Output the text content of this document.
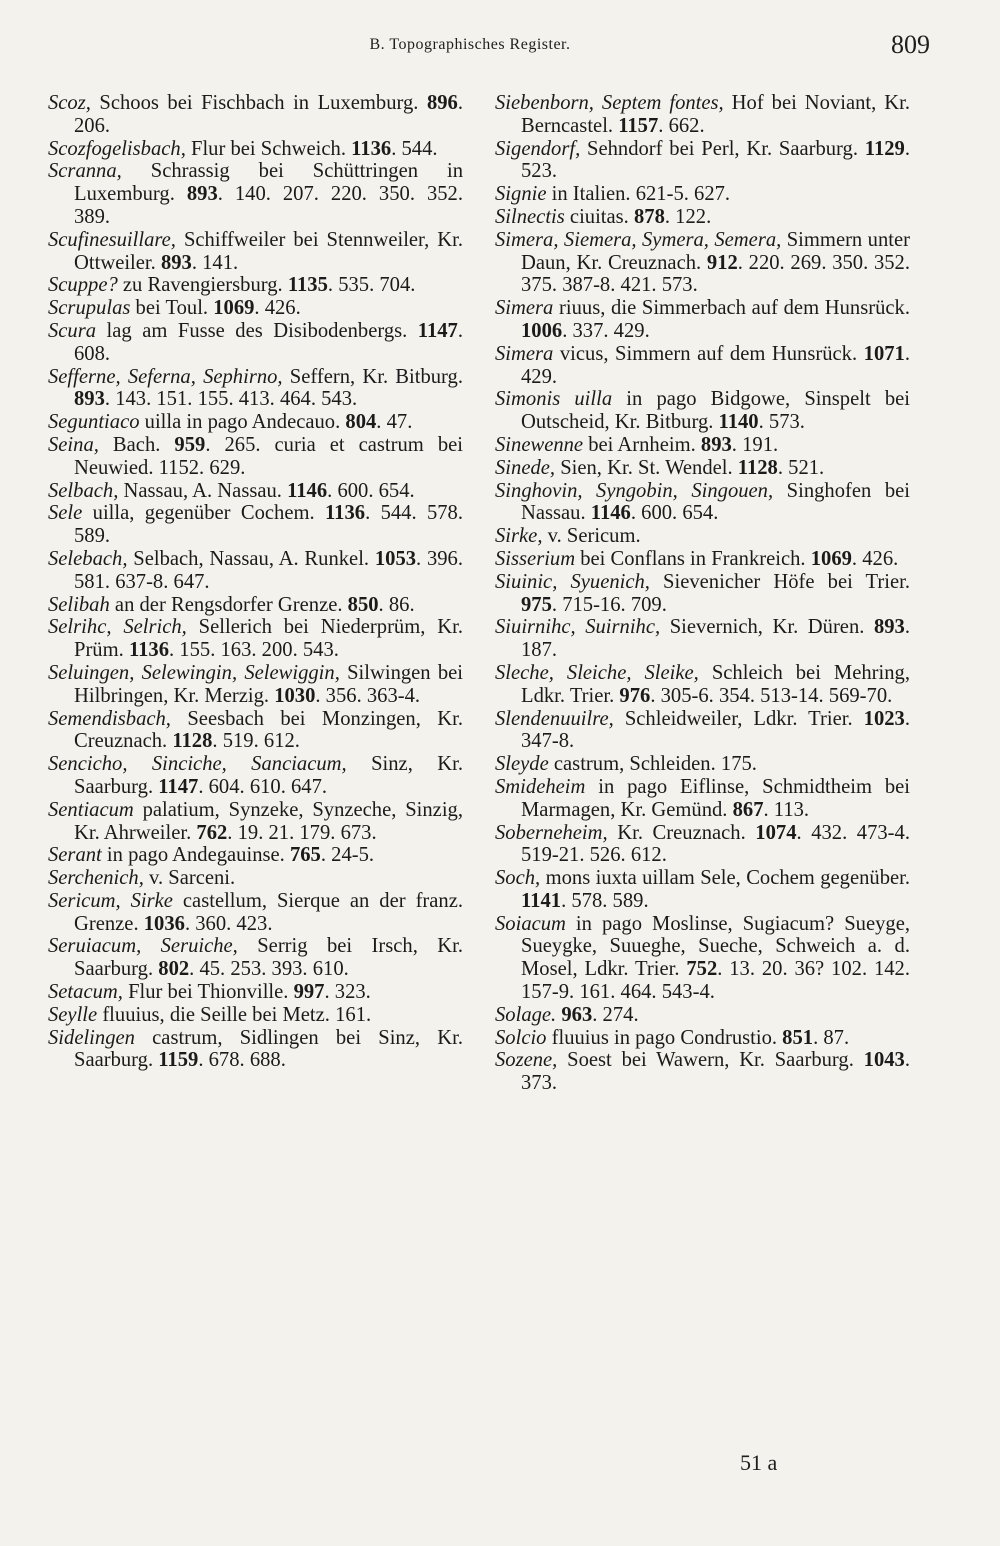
B. Topographisches Register.	809

Scoz, Schoos bei Fischbach in Luxemburg. 896. 206.

Scozfogelisbach, Flur bei Schweich. 1136. 544.

Scranna, Schrassig bei Schüttringen in Luxemburg. 893. 140. 207. 220. 350. 352. 389.

Scufinesuillare, Schiffweiler bei Stennweiler, Kr. Ottweiler. 893. 141.

Scuppe? zu Ravengiersburg. 1135. 535. 704.

Scrupulas bei Toul. 1069. 426.

Scura lag am Fusse des Disibodenbergs. 1147. 608.

Sefferne, Seferna, Sephirno, Seffern, Kr. Bitburg. 893. 143. 151. 155. 413. 464. 543.

Seguntiaco uilla in pago Andecauo. 804. 47.

Seina, Bach. 959. 265. curia et castrum bei Neuwied. 1152. 629.

Selbach, Nassau, A. Nassau. 1146. 600. 654.

Sele uilla, gegenüber Cochem. 1136. 544. 578. 589.

Selebach, Selbach, Nassau, A. Runkel. 1053. 396. 581. 637-8. 647.

Selibah an der Rengsdorfer Grenze. 850. 86.

Selrihc, Selrich, Sellerich bei Niederprüm, Kr. Prüm. 1136. 155. 163. 200. 543.

Seluingen, Selewingin, Selewiggin, Silwingen bei Hilbringen, Kr. Merzig. 1030. 356. 363-4.

Semendisbach, Seesbach bei Monzingen, Kr. Creuznach. 1128. 519. 612.

Sencicho, Sinciche, Sanciacum, Sinz, Kr. Saarburg. 1147. 604. 610. 647.

Sentiacum palatium, Synzeke, Synzeche, Sinzig, Kr. Ahrweiler. 762. 19. 21. 179. 673.

Serant in pago Andegauinse. 765. 24-5.

Serchenich, v. Sarceni.

Sericum, Sirke castellum, Sierque an der franz. Grenze. 1036. 360. 423.

Seruiacum, Seruiche, Serrig bei Irsch, Kr. Saarburg. 802. 45. 253. 393. 610.

Setacum, Flur bei Thionville. 997. 323.

Seylle fluuius, die Seille bei Metz. 161.

Sidelingen castrum, Sidlingen bei Sinz, Kr. Saarburg. 1159. 678. 688.

Siebenborn, Septem fontes, Hof bei Noviant, Kr. Berncastel. 1157. 662.

Sigendorf, Sehndorf bei Perl, Kr. Saarburg. 1129. 523.

Signie in Italien. 621-5. 627.

Silnectis ciuitas. 878. 122.

Simera, Siemera, Symera, Semera, Simmern unter Daun, Kr. Creuznach. 912. 220. 269. 350. 352. 375. 387-8. 421. 573.

Simera riuus, die Simmerbach auf dem Hunsrück. 1006. 337. 429.

Simera vicus, Simmern auf dem Hunsrück. 1071. 429.

Simonis uilla in pago Bidgowe, Sinspelt bei Outscheid, Kr. Bitburg. 1140. 573.

Sinewenne bei Arnheim. 893. 191.

Sinede, Sien, Kr. St. Wendel. 1128. 521.

Singhovin, Syngobin, Singouen, Singhofen bei Nassau. 1146. 600. 654.

Sirke, v. Sericum.

Sisserium bei Conflans in Frankreich. 1069. 426.

Siuinic, Syuenich, Sievenicher Höfe bei Trier. 975. 715-16. 709.

Siuirnihc, Suirnihc, Sievernich, Kr. Düren. 893. 187.

Sleche, Sleiche, Sleike, Schleich bei Mehring, Ldkr. Trier. 976. 305-6. 354. 513-14. 569-70.

Slendenuuilre, Schleidweiler, Ldkr. Trier. 1023. 347-8.

Sleyde castrum, Schleiden. 175.

Smideheim in pago Eiflinse, Schmidtheim bei Marmagen, Kr. Gemünd. 867. 113.

Soberneheim, Kr. Creuznach. 1074. 432. 473-4. 519-21. 526. 612.

Soch, mons iuxta uillam Sele, Cochem gegenüber. 1141. 578. 589.

Soiacum in pago Moslinse, Sugiacum? Sueyge, Sueygke, Suueghe, Sueche, Schweich a. d. Mosel, Ldkr. Trier. 752. 13. 20. 36? 102. 142. 157-9. 161. 464. 543-4.

Solage. 963. 274.

Solcio fluuius in pago Condrustio. 851. 87.

Sozene, Soest bei Wawern, Kr. Saarburg. 1043. 373.

51 a
